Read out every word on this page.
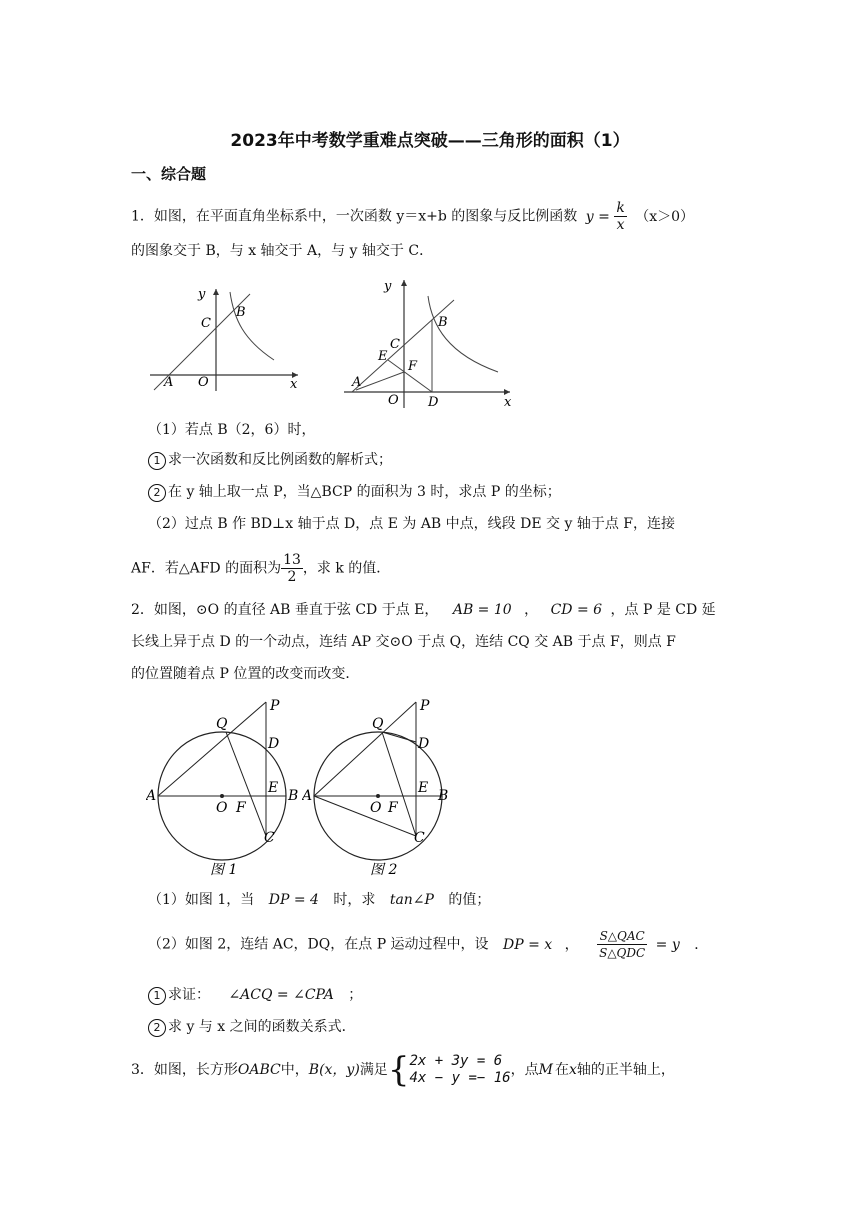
2023年中考数学重难点突破——三角形的面积（1）
一、综合题
1．如图，在平面直角坐标系中，一次函数 y＝x+b 的图象与反比例函数 $y = \frac{k}{x} (x>0)$
的图象交于 B，与 x 轴交于 A，与 y 轴交于 C．
y
x
B
C
A O
y
x
B
C
E
F
A
O D
（1）若点 B（2，6）时，
1 求一次函数和反比例函数的解析式；
2 在 y 轴上取一点 P，当△BCP 的面积为 3 时，求点 P 的坐标；
（2）过点 B 作 BD⊥x 轴于点 D，点 E 为 AB 中点，线段 DE 交 y 轴于点 F，连接
AF．若△AFD 的面积为 $\frac{13}{2}$ ，求 k 的值．
2．如图，⊙O 的直径 AB 垂直于弦 CD 于点 E， AB = 10 ， CD = 6 ，点 P 是 CD 延
长线上异于点 D 的一个动点，连结 AP 交⊙O 于点 Q，连结 CQ 交 AB 于点 F，则点 F
的位置随着点 P 位置的改变而改变．
Q
P
D
E B
A
O F
C
图 1
Q
P
D
E B
A
O F
C
图 2
（1）如图 1，当 DP = 4 时，求 tan∠P 的值；
（2）如图 2，连结 AC，DQ，在点 P 运动过程中，设 DP = x ， $\frac{\text{S△QAC}}{\text{S△QDC}} = y$ ．
1 求证： ∠ACQ = ∠CPA ；
2 求 y 与 x 之间的函数关系式．
3．如图，长方形OABC中，B(x，y)满足{ 2x + 3y = 6
4x − y =− 16 ，点M 在x轴的正半轴上，
